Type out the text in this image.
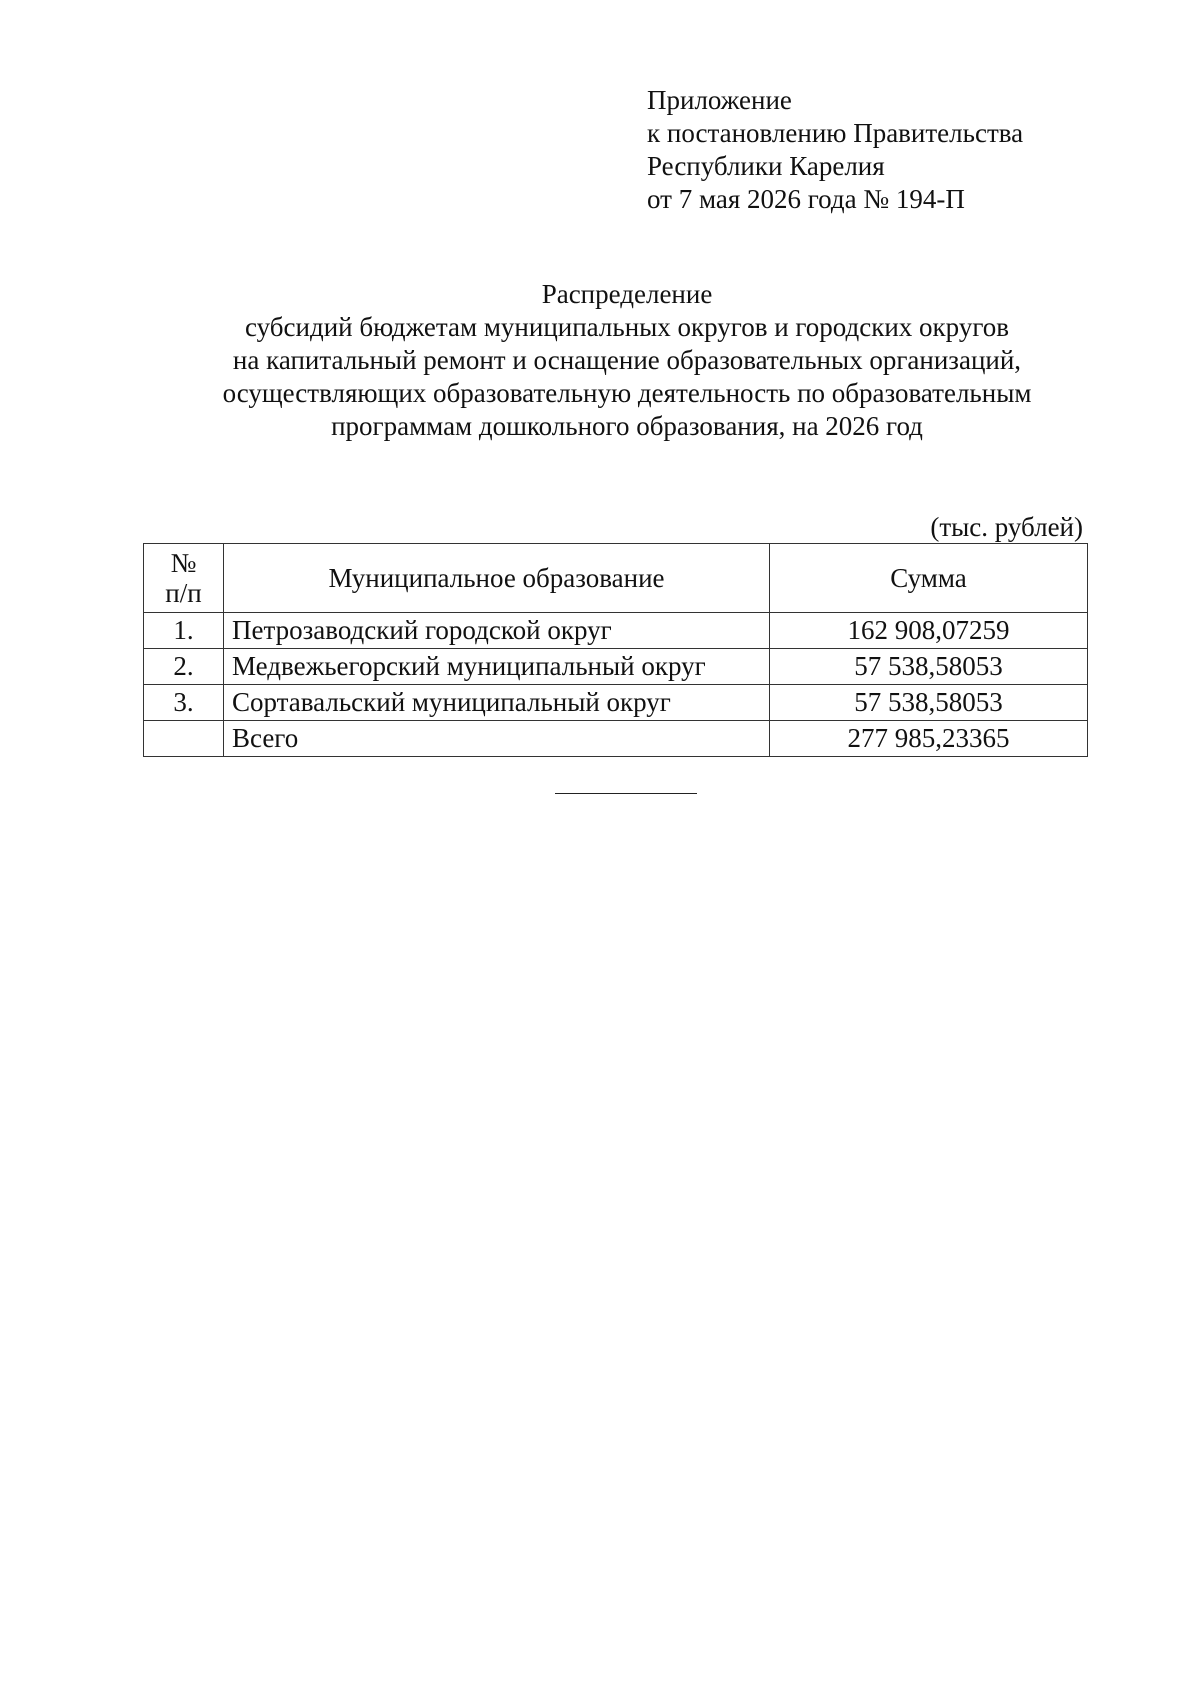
Приложение
к постановлению Правительства
Республики Карелия
от 7 мая 2026 года № 194-П
Распределение
субсидий бюджетам муниципальных округов и городских округов
на капитальный ремонт и оснащение образовательных организаций,
осуществляющих образовательную деятельность по образовательным
программам дошкольного образования, на 2026 год
(тыс. рублей)
№
п/п	Муниципальное образование	Сумма
1.	Петрозаводский городской округ	162 908,07259
2.	Медвежьегорский муниципальный округ	57 538,58053
3.	Сортавальский муниципальный округ	57 538,58053
	Всего	277 985,23365
